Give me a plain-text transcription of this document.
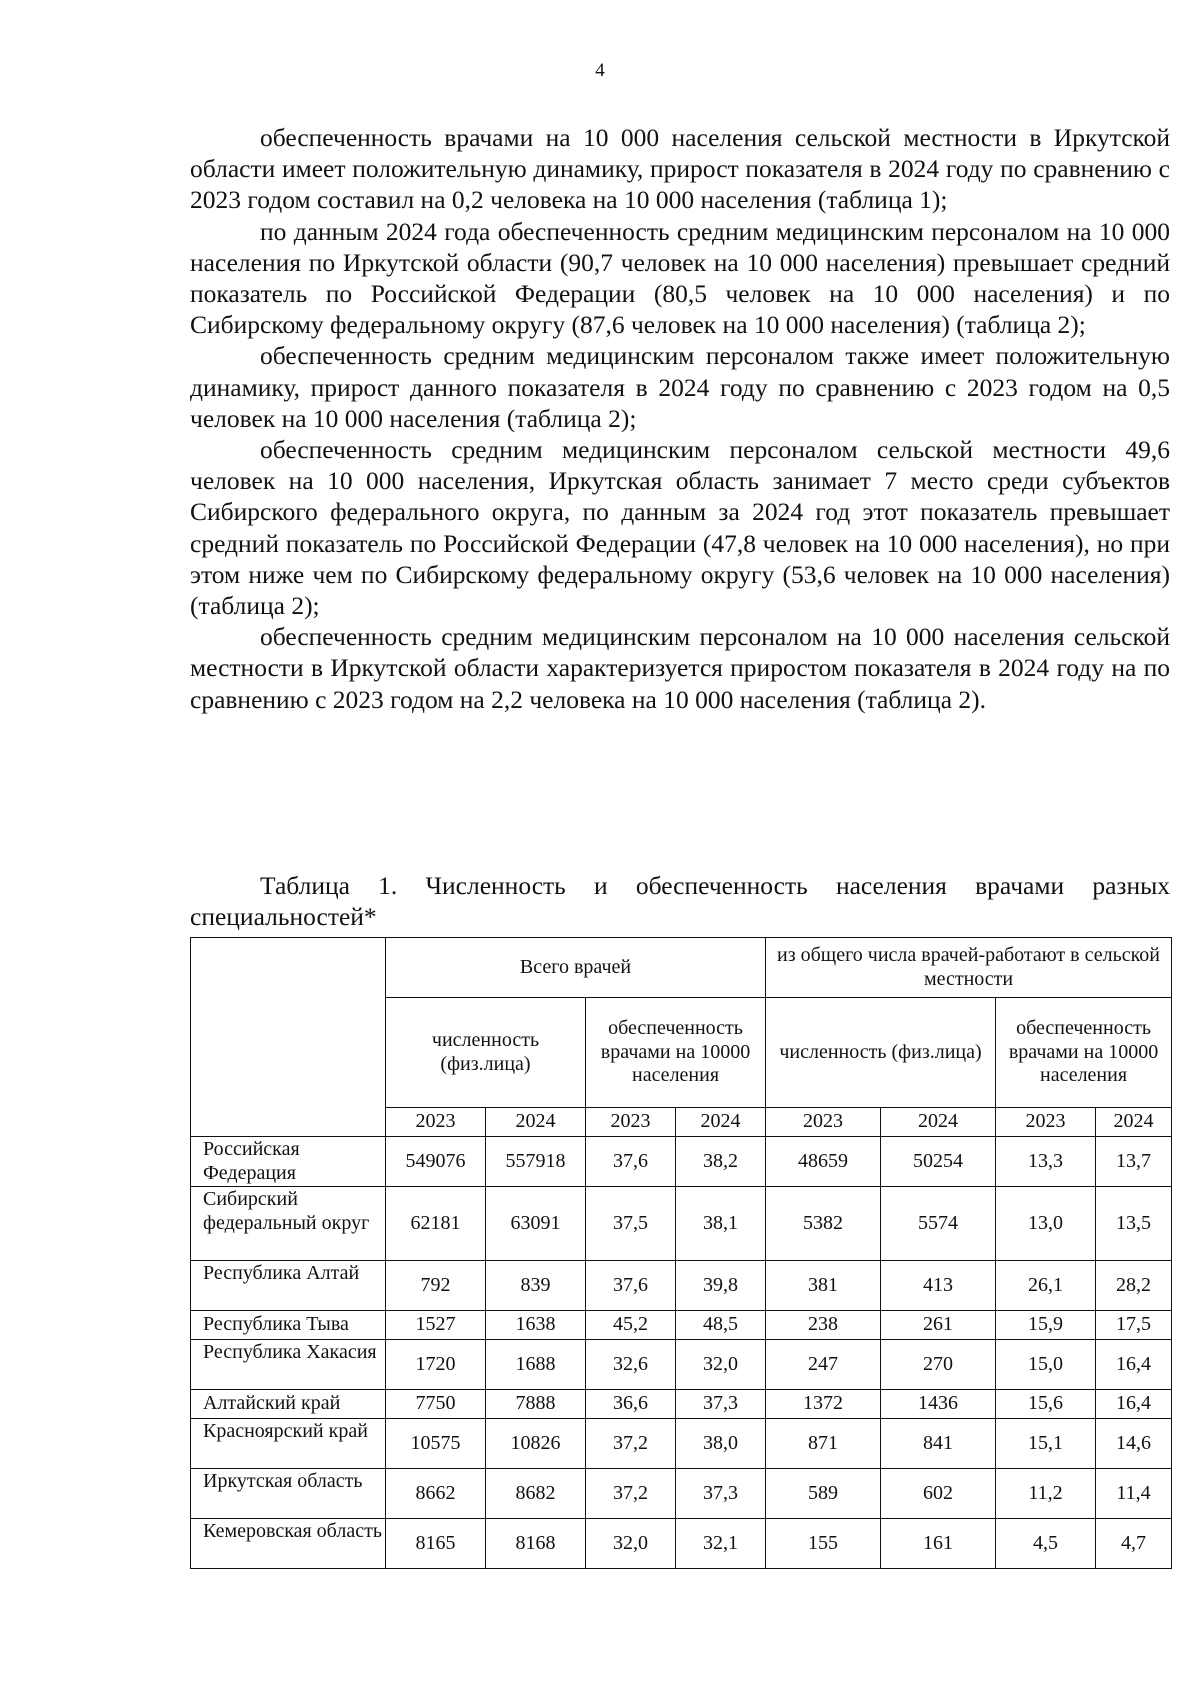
4

обеспеченность врачами на 10 000 населения сельской местности в Иркутской области имеет положительную динамику, прирост показателя в 2024 году по сравнению с 2023 годом составил на 0,2 человека на 10 000 населения (таблица 1);

по данным 2024 года обеспеченность средним медицинским персоналом на 10 000 населения по Иркутской области (90,7 человек на 10 000 населения) превышает средний показатель по Российской Федерации (80,5 человек на 10 000 населения) и по Сибирскому федеральному округу (87,6 человек на 10 000 населения) (таблица 2);

обеспеченность средним медицинским персоналом также имеет положительную динамику, прирост данного показателя в 2024 году по сравнению с 2023 годом на 0,5 человек на 10 000 населения (таблица 2);

обеспеченность средним медицинским персоналом сельской местности 49,6 человек на 10 000 населения, Иркутская область занимает 7 место среди субъектов Сибирского федерального округа, по данным за 2024 год этот показатель превышает средний показатель по Российской Федерации (47,8 человек на 10 000 населения), но при этом ниже чем по Сибирскому федеральному округу (53,6 человек на 10 000 населения) (таблица 2);

обеспеченность средним медицинским персоналом на 10 000 населения сельской местности в Иркутской области характеризуется приростом показателя в 2024 году на по сравнению с 2023 годом на 2,2 человека на 10 000 населения (таблица 2).

Таблица 1. Численность и обеспеченность населения врачами разных специальностей*

	Всего врачей				из общего числа врачей-работают в сельской местности			
	численность (физ.лица)		обеспеченность врачами на 10000 населения		численность (физ.лица)		обеспеченность врачами на 10000 населения	
	2023	2024	2023	2024	2023	2024	2023	2024
Российская Федерация	549076	557918	37,6	38,2	48659	50254	13,3	13,7
Сибирский федеральный округ	62181	63091	37,5	38,1	5382	5574	13,0	13,5
Республика Алтай	792	839	37,6	39,8	381	413	26,1	28,2
Республика Тыва	1527	1638	45,2	48,5	238	261	15,9	17,5
Республика Хакасия	1720	1688	32,6	32,0	247	270	15,0	16,4
Алтайский край	7750	7888	36,6	37,3	1372	1436	15,6	16,4
Красноярский край	10575	10826	37,2	38,0	871	841	15,1	14,6
Иркутская область	8662	8682	37,2	37,3	589	602	11,2	11,4
Кемеровская область	8165	8168	32,0	32,1	155	161	4,5	4,7
